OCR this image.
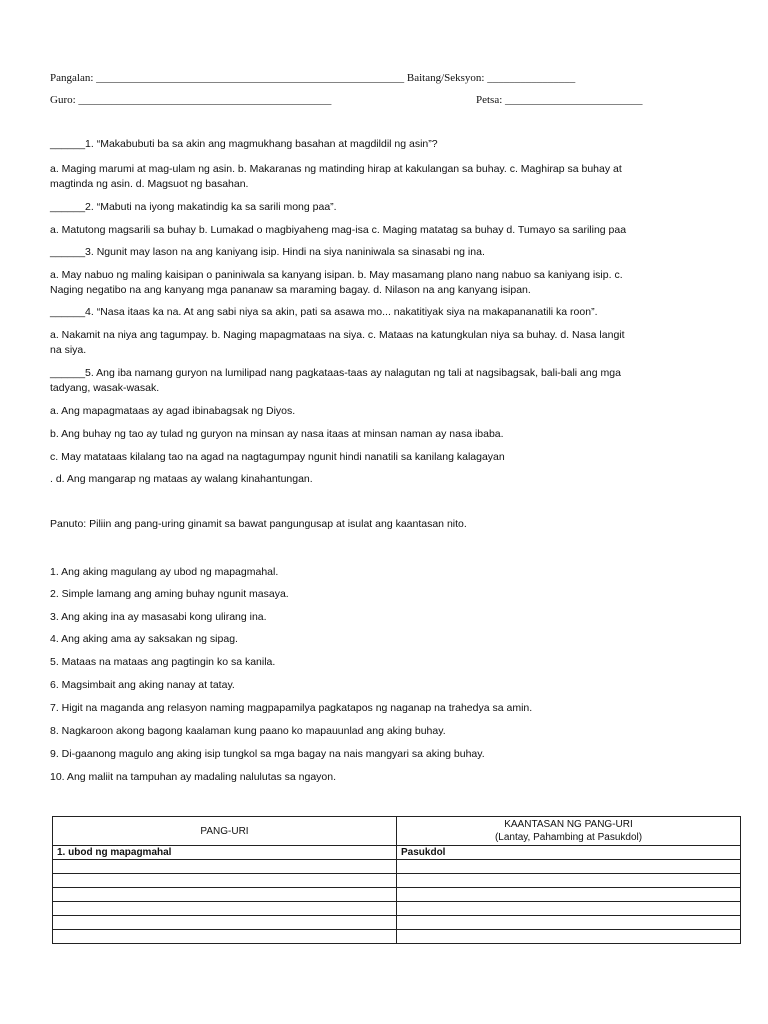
Pangalan: ________________________________________________________ Baitang/Seksyon: ________________
Guro: ______________________________________________	Petsa: _________________________
______1. “Makabubuti ba sa akin ang magmukhang basahan at magdildil ng asin”?
a. Maging marumi at mag-ulam ng asin. b. Makaranas ng matinding hirap at kakulangan sa buhay. c. Maghirap sa buhay at
magtinda ng asin. d. Magsuot ng basahan.
______2. “Mabuti na iyong makatindig ka sa sarili mong paa”.
a. Matutong magsarili sa buhay b. Lumakad o magbiyaheng mag-isa c. Maging matatag sa buhay d. Tumayo sa sariling paa
______3. Ngunit may lason na ang kaniyang isip. Hindi na siya naniniwala sa sinasabi ng ina.
a. May nabuo ng maling kaisipan o paniniwala sa kanyang isipan. b. May masamang plano nang nabuo sa kaniyang isip. c.
Naging negatibo na ang kanyang mga pananaw sa maraming bagay. d. Nilason na ang kanyang isipan.
______4. “Nasa itaas ka na. At ang sabi niya sa akin, pati sa asawa mo... nakatitiyak siya na makapananatili ka roon”.
a. Nakamit na niya ang tagumpay. b. Naging mapagmataas na siya. c. Mataas na katungkulan niya sa buhay. d. Nasa langit
na siya.
______5. Ang iba namang guryon na lumilipad nang pagkataas-taas ay nalagutan ng tali at nagsibagsak, bali-bali ang mga
tadyang, wasak-wasak.
a. Ang mapagmataas ay agad ibinabagsak ng Diyos.
b. Ang buhay ng tao ay tulad ng guryon na minsan ay nasa itaas at minsan naman ay nasa ibaba.
c. May matataas kilalang tao na agad na nagtagumpay ngunit hindi nanatili sa kanilang kalagayan
. d. Ang mangarap ng mataas ay walang kinahantungan.
Panuto: Piliin ang pang-uring ginamit sa bawat pangungusap at isulat ang kaantasan nito.
1. Ang aking magulang ay ubod ng mapagmahal.
2. Simple lamang ang aming buhay ngunit masaya.
3. Ang aking ina ay masasabi kong ulirang ina.
4. Ang aking ama ay saksakan ng sipag.
5. Mataas na mataas ang pagtingin ko sa kanila.
6. Magsimbait ang aking nanay at tatay.
7. Higit na maganda ang relasyon naming magpapamilya pagkatapos ng naganap na trahedya sa amin.
8. Nagkaroon akong bagong kaalaman kung paano ko mapauunlad ang aking buhay.
9. Di-gaanong magulo ang aking isip tungkol sa mga bagay na nais mangyari sa aking buhay.
10. Ang maliit na tampuhan ay madaling nalulutas sa ngayon.
PANG-URI	KAANTASAN NG PANG-URI
(Lantay, Pahambing at Pasukdol)

1. ubod ng mapagmahal	Pasukdol
